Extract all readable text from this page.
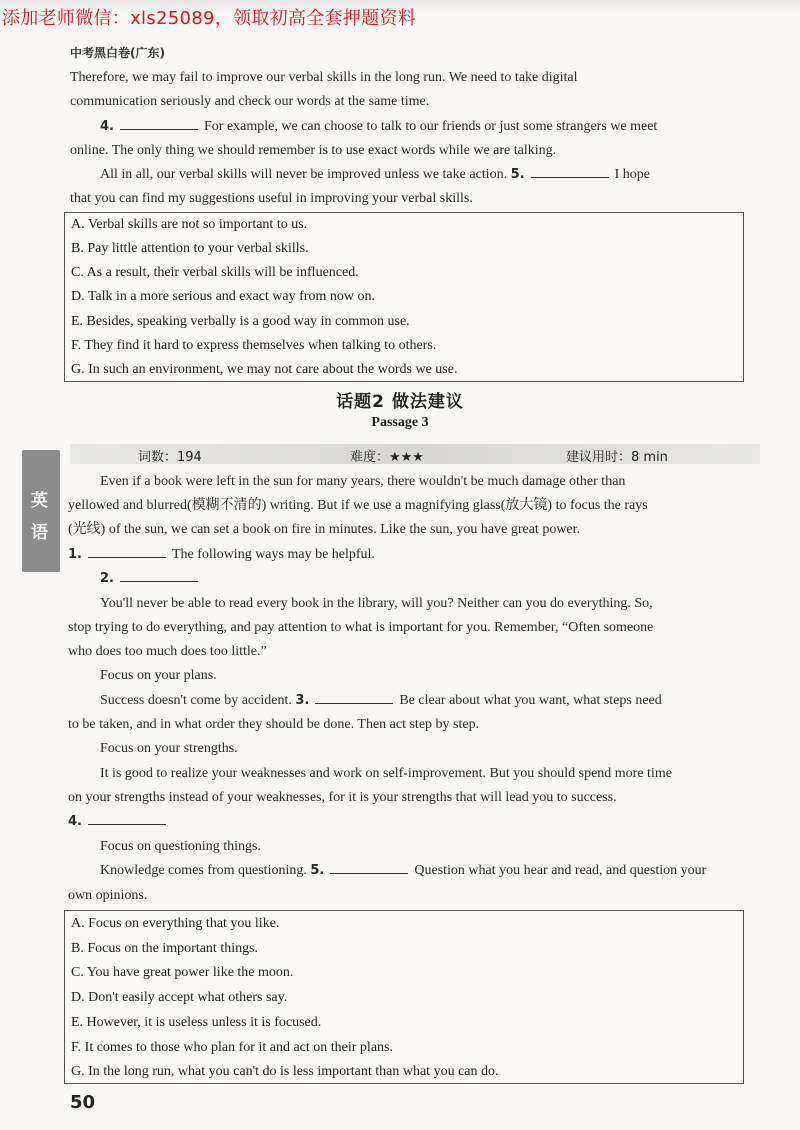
添加老师微信：xls25089，领取初高全套押题资料
中考黑白卷(广东)
Therefore, we may fail to improve our verbal skills in the long run. We need to take digital
communication seriously and check our words at the same time.
4.	For example, we can choose to talk to our friends or just some strangers we meet
online. The only thing we should remember is to use exact words while we are talking.
All in all, our verbal skills will never be improved unless we take action. 5.	I hope
that you can find my suggestions useful in improving your verbal skills.
A. Verbal skills are not so important to us.
B. Pay little attention to your verbal skills.
C. As a result, their verbal skills will be influenced.
D. Talk in a more serious and exact way from now on.
E. Besides, speaking verbally is a good way in common use.
F. They find it hard to express themselves when talking to others.
G. In such an environment, we may not care about the words we use.
话题2 做法建议
Passage 3
词数：194	难度：★★★	建议用时：8 min
英
语
Even if a book were left in the sun for many years, there wouldn't be much damage other than
yellowed and blurred(模糊不清的) writing. But if we use a magnifying glass(放大镜) to focus the rays
(光线) of the sun, we can set a book on fire in minutes. Like the sun, you have great power.
1.	The following ways may be helpful.
2.
You'll never be able to read every book in the library, will you? Neither can you do everything. So,
stop trying to do everything, and pay attention to what is important for you. Remember, “Often someone
who does too much does too little.”
Focus on your plans.
Success doesn't come by accident. 3.	Be clear about what you want, what steps need
to be taken, and in what order they should be done. Then act step by step.
Focus on your strengths.
It is good to realize your weaknesses and work on self-improvement. But you should spend more time
on your strengths instead of your weaknesses, for it is your strengths that will lead you to success.
4.
Focus on questioning things.
Knowledge comes from questioning. 5.	Question what you hear and read, and question your
own opinions.
A. Focus on everything that you like.
B. Focus on the important things.
C. You have great power like the moon.
D. Don't easily accept what others say.
E. However, it is useless unless it is focused.
F. It comes to those who plan for it and act on their plans.
G. In the long run, what you can't do is less important than what you can do.
50
